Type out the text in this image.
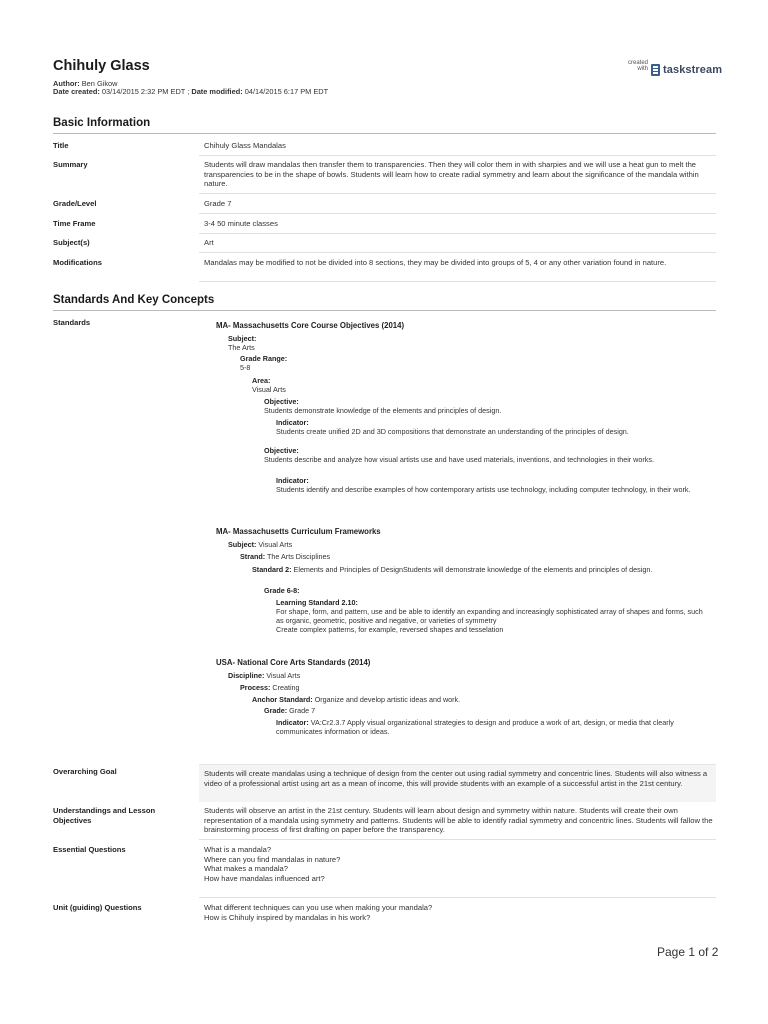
Chihuly Glass
Author: Ben Gikow
Date created: 03/14/2015 2:32 PM EDT ; Date modified: 04/14/2015 6:17 PM EDT
created with taskstream
Basic Information
Title	Chihuly Glass Mandalas
Summary	Students will draw mandalas then transfer them to transparencies. Then they will color them in with sharpies and we will use a heat gun to melt the transparencies to be in the shape of bowls. Students will learn how to create radial symmetry and learn about the significance of the mandala within nature.
Grade/Level	Grade 7
Time Frame	3-4 50 minute classes
Subject(s)	Art
Modifications	Mandalas may be modified to not be divided into 8 sections, they may be divided into groups of 5, 4 or any other variation found in nature.
Standards And Key Concepts
Standards	MA- Massachusetts Core Course Objectives (2014)
Subject:
The Arts
Grade Range:
5-8
Area:
Visual Arts
Objective:
Students demonstrate knowledge of the elements and principles of design.
Indicator:
Students create unified 2D and 3D compositions that demonstrate an understanding of the principles of design.
Objective:
Students describe and analyze how visual artists use and have used materials, inventions, and technologies in their works.
Indicator:
Students identify and describe examples of how contemporary artists use technology, including computer technology, in their work.
MA- Massachusetts Curriculum Frameworks
Subject: Visual Arts
Strand: The Arts Disciplines
Standard 2: Elements and Principles of DesignStudents will demonstrate knowledge of the elements and principles of design.
Grade 6-8:
Learning Standard 2.10:
For shape, form, and pattern, use and be able to identify an expanding and increasingly sophisticated array of shapes and forms, such as organic, geometric, positive and negative, or varieties of symmetry
Create complex patterns, for example, reversed shapes and tesselation
USA- National Core Arts Standards (2014)
Discipline: Visual Arts
Process: Creating
Anchor Standard: Organize and develop artistic ideas and work.
Grade: Grade 7
Indicator: VA:Cr2.3.7 Apply visual organizational strategies to design and produce a work of art, design, or media that clearly communicates information or ideas.
Overarching Goal	Students will create mandalas using a technique of design from the center out using radial symmetry and concentric lines. Students will also witness a video of a professional artist using art as a mean of income, this will provide students with an example of a successful artist in the 21st century.
Understandings and Lesson Objectives
Students will observe an artist in the 21st century. Students will learn about design and symmetry within nature. Students will create their own representation of a mandala using symmetry and patterns. Students will be able to identify radial symmetry and concentric lines. Students will fallow the brainstorming process of first drafting on paper before the transparency.
Essential Questions	What is a mandala?
Where can you find mandalas in nature?
What makes a mandala?
How have mandalas influenced art?
Unit (guiding) Questions	What different techniques can you use when making your mandala?
How is Chihuly inspired by mandalas in his work?
Page 1 of 2
